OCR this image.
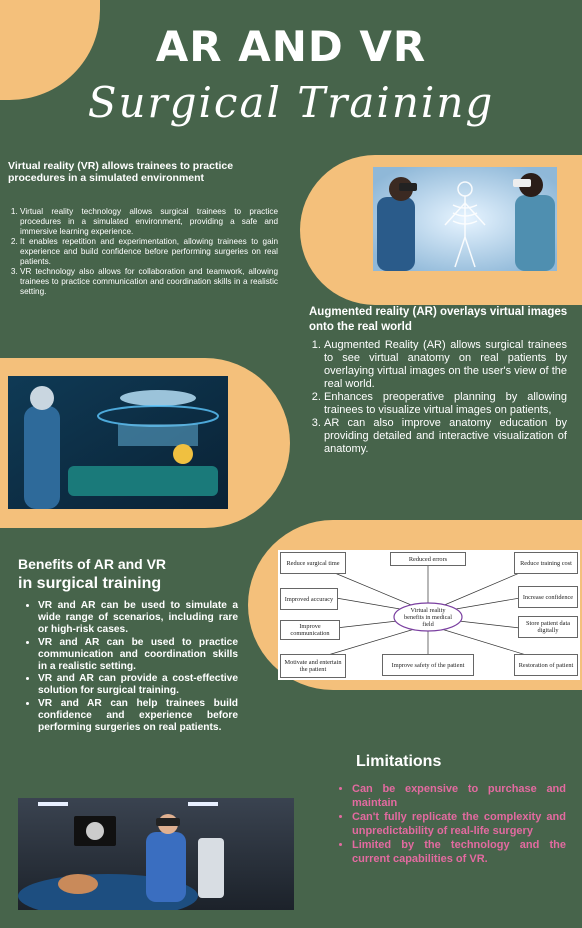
AR AND VR
Surgical Training
Virtual reality (VR) allows trainees to practice procedures in a simulated environment
1. Virtual reality technology allows surgical trainees to practice procedures in a simulated environment, providing a safe and immersive learning experience.
2. It enables repetition and experimentation, allowing trainees to gain experience and build confidence before performing surgeries on real patients.
3. VR technology also allows for collaboration and teamwork, allowing trainees to practice communication and coordination skills in a realistic setting.
Augmented reality (AR) overlays virtual images onto the real world
1. Augmented Reality (AR) allows surgical trainees to see virtual anatomy on real patients by overlaying virtual images on the user's view of the real world.
2. Enhances preoperative planning by allowing trainees to visualize virtual images on patients,
3. AR can also improve anatomy education by providing detailed and interactive visualization of anatomy.
Benefits of AR and VR
in surgical training
• VR and AR can be used to simulate a wide range of scenarios, including rare or high-risk cases.
• VR and AR can be used to practice communication and coordination skills in a realistic setting.
• VR and AR can provide a cost-effective solution for surgical training.
• VR and AR can help trainees build confidence and experience before performing surgeries on real patients.
Virtual reality benefits in medical field
Reduce surgical time
Reduced errors
Reduce training cost
Improved accuracy	Increase confidence
Improve communication
Store patient data digitally
Motivate and entertain the patient
Improve safety of the patient	Restoration of patient
Limitations
• Can be expensive to purchase and maintain
• Can't fully replicate the complexity and unpredictability of real-life surgery
• Limited by the technology and the current capabilities of VR.
